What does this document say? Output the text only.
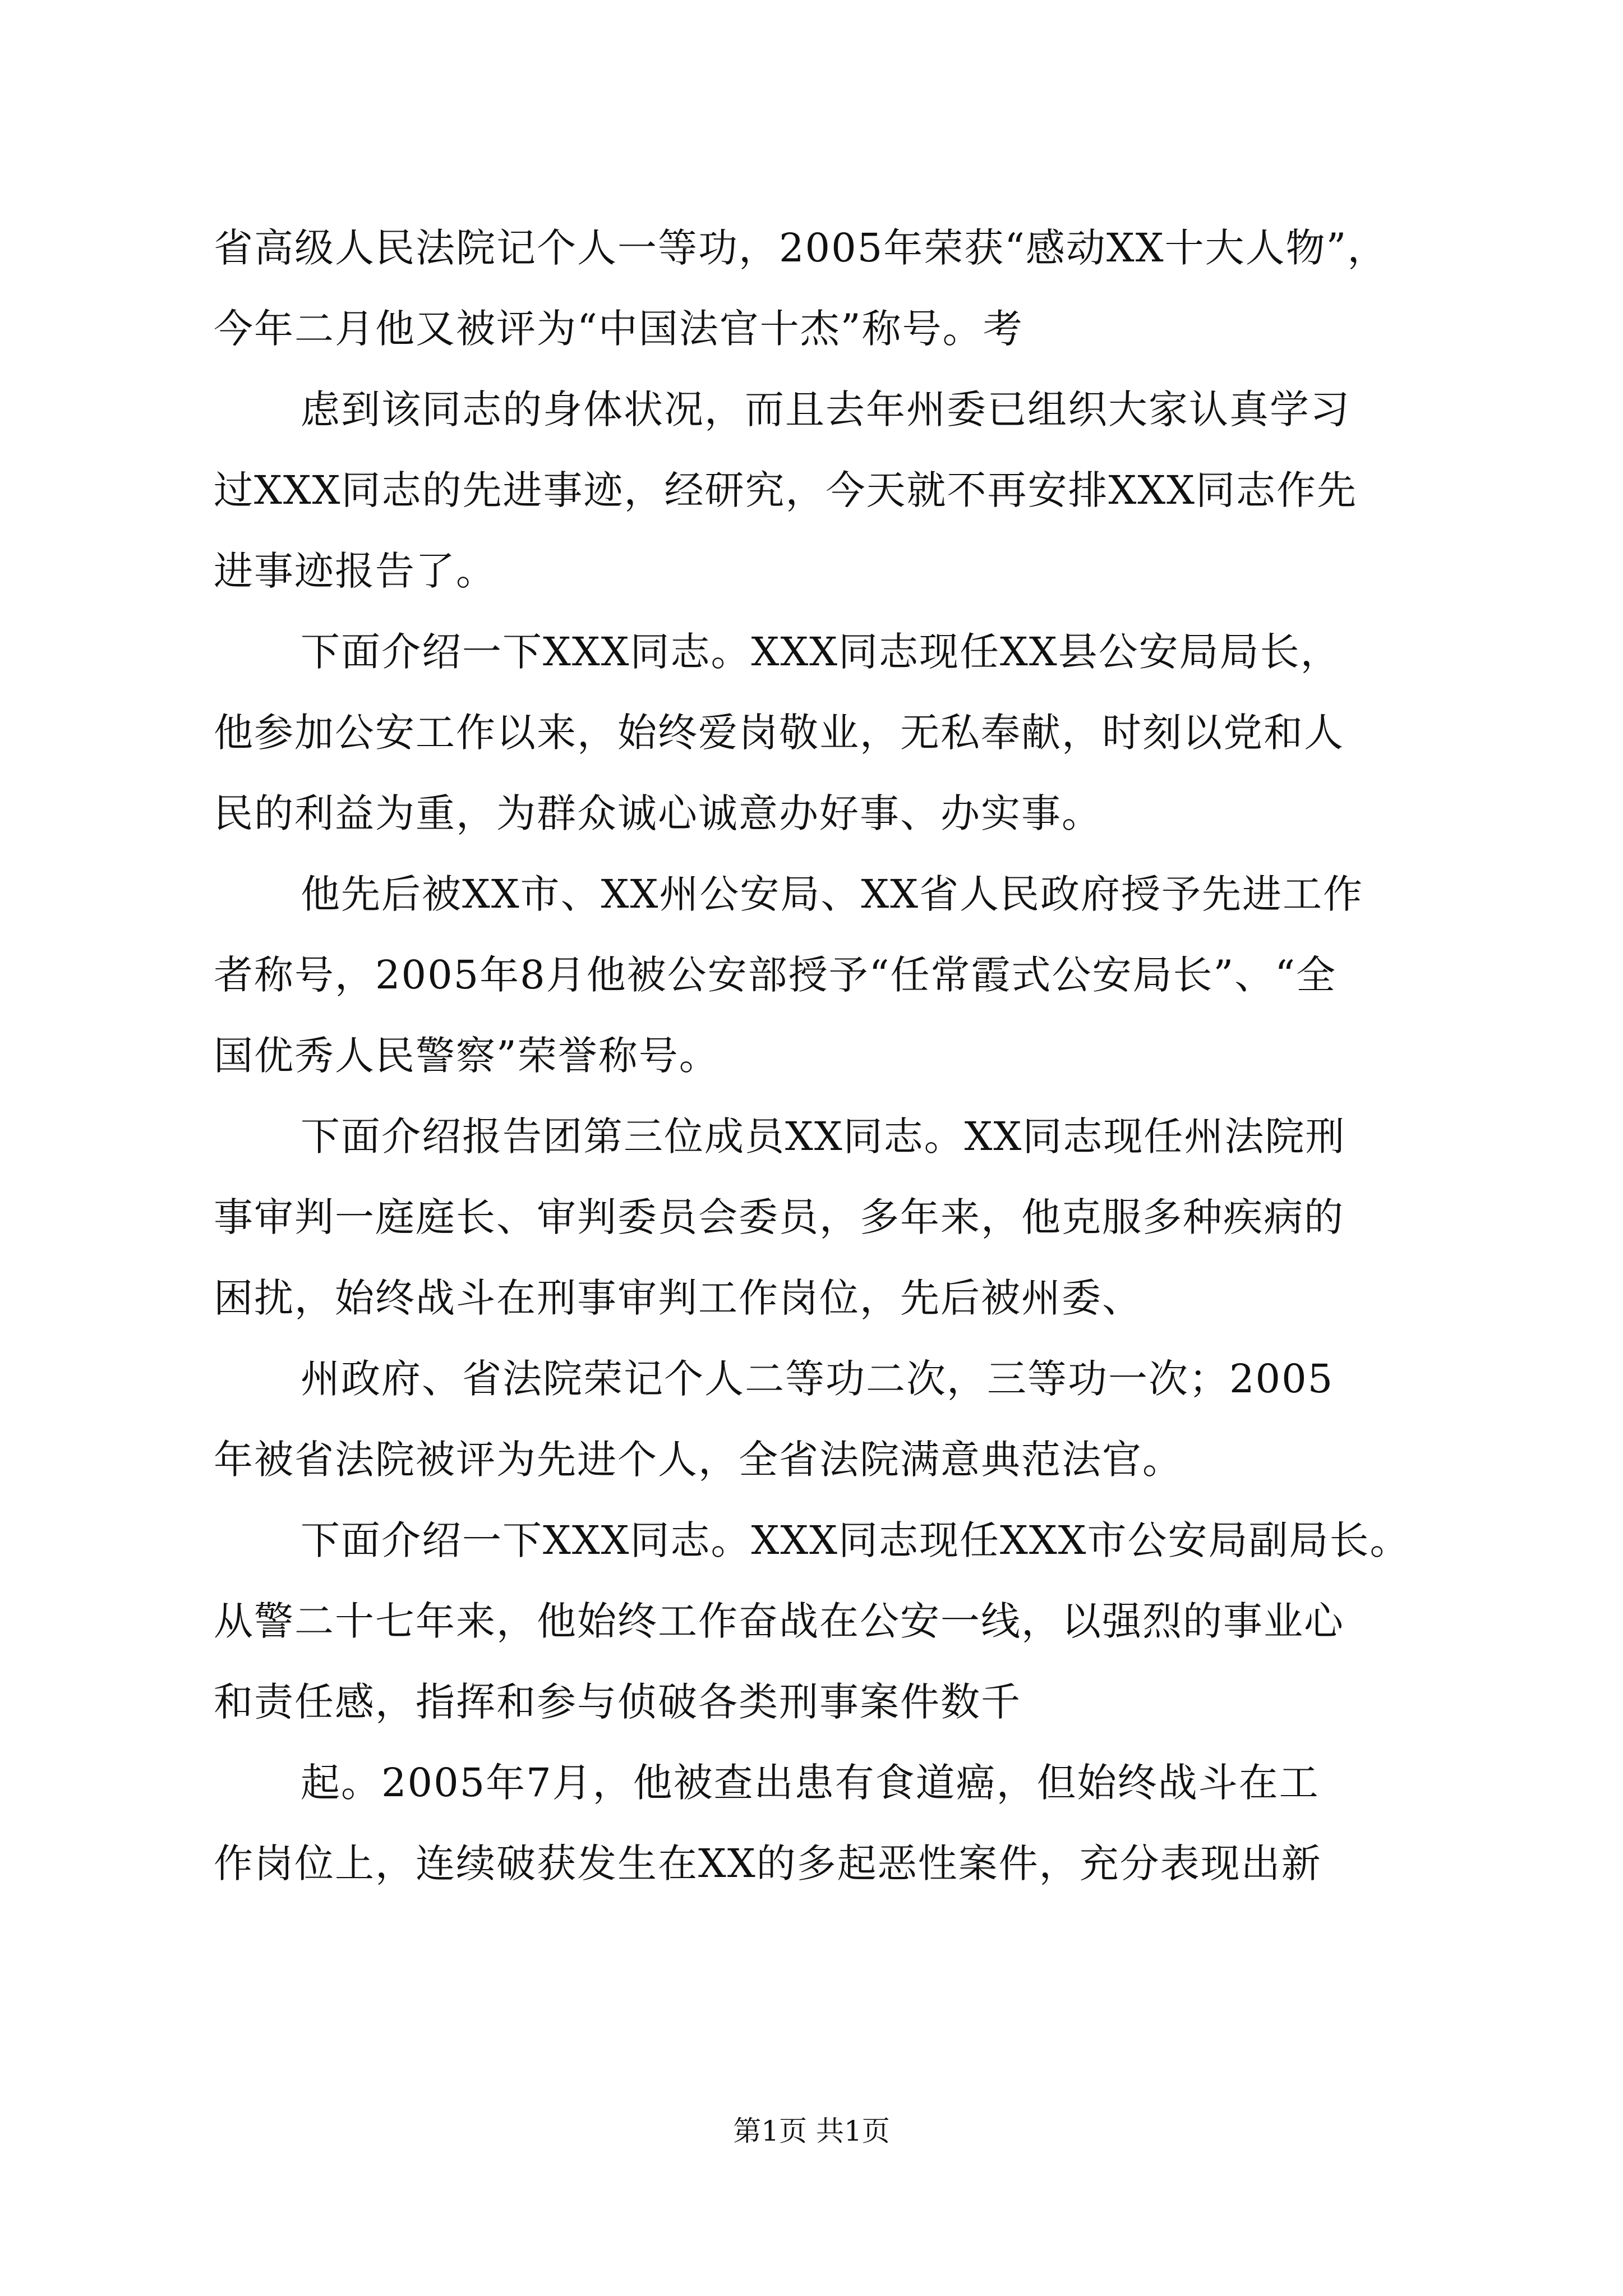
省高级人民法院记个人一等功，2005年荣获“感动XX十大人物”，
今年二月他又被评为“中国法官十杰”称号。考
虑到该同志的身体状况，而且去年州委已组织大家认真学习
过XXX同志的先进事迹，经研究，今天就不再安排XXX同志作先
进事迹报告了。
下面介绍一下XXX同志。XXX同志现任XX县公安局局长，
他参加公安工作以来，始终爱岗敬业，无私奉献，时刻以党和人
民的利益为重，为群众诚心诚意办好事、办实事。
他先后被XX市、XX州公安局、XX省人民政府授予先进工作
者称号，2005年8月他被公安部授予“任常霞式公安局长”、“全
国优秀人民警察”荣誉称号。
下面介绍报告团第三位成员XX同志。XX同志现任州法院刑
事审判一庭庭长、审判委员会委员，多年来，他克服多种疾病的
困扰，始终战斗在刑事审判工作岗位，先后被州委、
州政府、省法院荣记个人二等功二次，三等功一次；2005
年被省法院被评为先进个人，全省法院满意典范法官。
下面介绍一下XXX同志。XXX同志现任XXX市公安局副局长。
从警二十七年来，他始终工作奋战在公安一线，以强烈的事业心
和责任感，指挥和参与侦破各类刑事案件数千
起。2005年7月，他被查出患有食道癌，但始终战斗在工
作岗位上，连续破获发生在XX的多起恶性案件，充分表现出新
第1页 共1页
